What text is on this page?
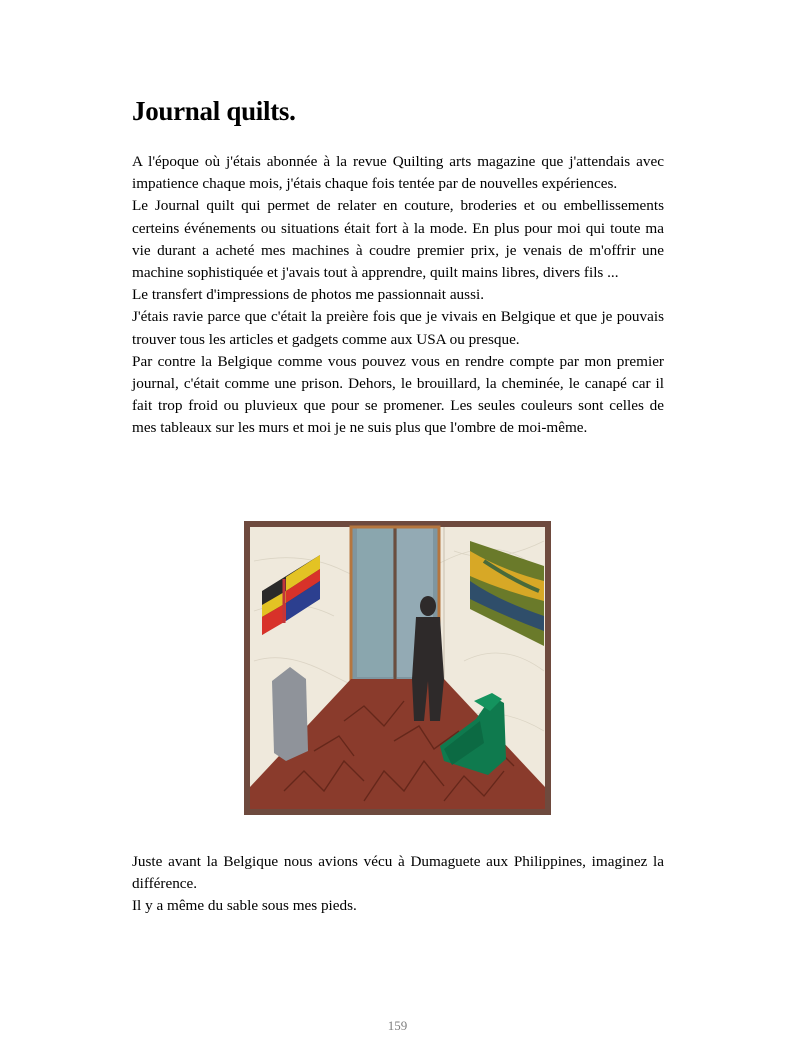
Journal quilts.

A l'époque où j'étais abonnée à la revue Quilting arts magazine que j'attendais avec impatience chaque mois, j'étais chaque fois tentée par de nouvelles expériences.

Le Journal quilt qui permet de relater en couture, broderies et ou embellissements certeins événements ou situations était fort à la mode. En plus pour moi qui toute ma vie durant a acheté mes machines à coudre premier prix, je venais de m'offrir une machine sophistiquée et j'avais tout à apprendre, quilt mains libres, divers fils ...

Le transfert d'impressions de photos me passionnait aussi.

J'étais ravie parce que c'était la preière fois que je vivais en Belgique et que je pouvais trouver tous les articles et gadgets comme aux USA ou presque.

Par contre la Belgique comme vous pouvez vous en rendre compte par mon premier journal, c'était comme une prison. Dehors, le brouillard, la cheminée, le canapé car il fait trop froid ou pluvieux que pour se promener. Les seules couleurs sont celles de mes tableaux sur les murs et moi je ne suis plus que l'ombre de moi-même.

Juste avant la Belgique nous avions vécu à Dumaguete aux Philippines, imaginez la différence.

Il y a même du sable sous mes pieds.

159
